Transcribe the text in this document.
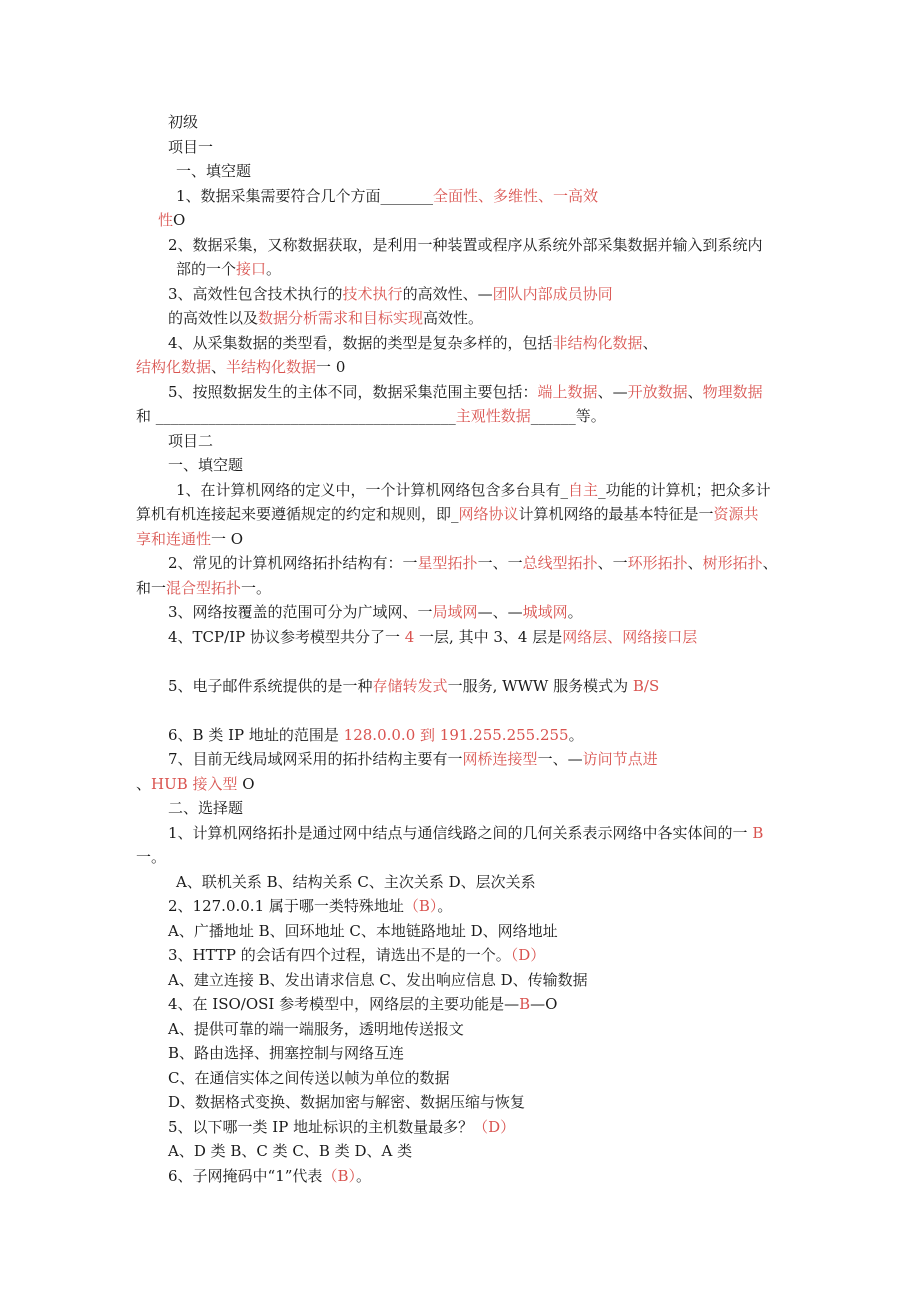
初级
项目一
一、填空题
1、数据采集需要符合几个方面_______全面性、多维性、一高效
性O
2、数据采集，又称数据获取，是利用一种装置或程序从系统外部采集数据并输入到系统内
部的一个接口。
3、高效性包含技术执行的技术执行的高效性、—团队内部成员协同
的高效性以及数据分析需求和目标实现高效性。
4、从采集数据的类型看，数据的类型是复杂多样的，包括非结构化数据、
结构化数据、半结构化数据一 0
5、按照数据发生的主体不同，数据采集范围主要包括：端上数据、—开放数据、物理数据
和 ________________________________________主观性数据______等。
项目二
一、填空题
1、在计算机网络的定义中，一个计算机网络包含多台具有_自主_功能的计算机；把众多计
算机有机连接起来要遵循规定的约定和规则，即_网络协议计算机网络的最基本特征是一资源共
享和连通性一 O
2、常见的计算机网络拓扑结构有：一星型拓扑一、一总线型拓扑、一环形拓扑、树形拓扑、
和一混合型拓扑一。
3、网络按覆盖的范围可分为广域网、一局域网—、—城域网。
4、TCP/IP 协议参考模型共分了一 4 一层, 其中 3、4 层是网络层、网络接口层
5、电子邮件系统提供的是一种存储转发式一服务, WWW 服务模式为 B/S
6、B 类 IP 地址的范围是 128.0.0.0 到 191.255.255.255。
7、目前无线局域网采用的拓扑结构主要有一网桥连接型一、—访问节点进
、HUB 接入型 O
二、选择题
1、计算机网络拓扑是通过网中结点与通信线路之间的几何关系表示网络中各实体间的一 B
一。
A、联机关系 B、结构关系 C、主次关系 D、层次关系
2、127.0.0.1 属于哪一类特殊地址（B）。
A、广播地址 B、回环地址 C、本地链路地址 D、网络地址
3、HTTP 的会话有四个过程，请选出不是的一个。（D）
A、建立连接 B、发出请求信息 C、发出响应信息 D、传输数据
4、在 ISO/OSI 参考模型中，网络层的主要功能是—B—O
A、提供可靠的端一端服务，透明地传送报文
B、路由选择、拥塞控制与网络互连
C、在通信实体之间传送以帧为单位的数据
D、数据格式变换、数据加密与解密、数据压缩与恢复
5、以下哪一类 IP 地址标识的主机数量最多？（D）
A、D 类 B、C 类 C、B 类 D、A 类
6、子网掩码中“1”代表（B）。
